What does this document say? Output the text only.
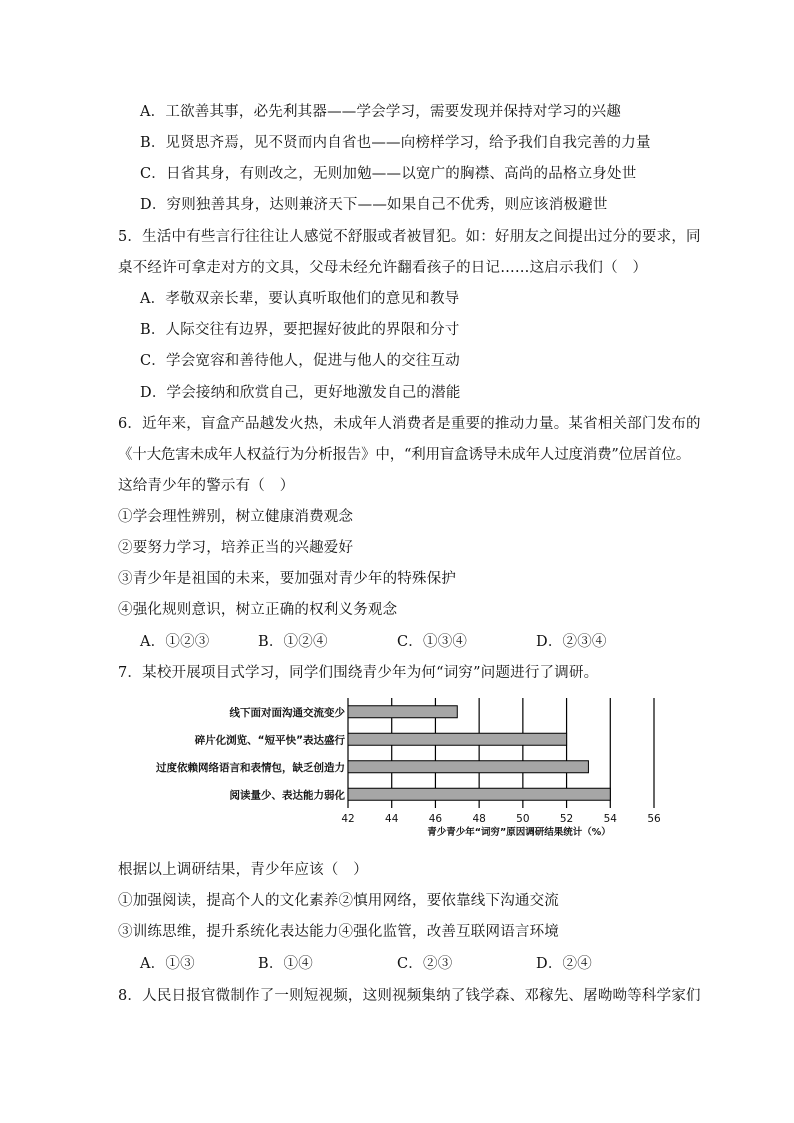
A．工欲善其事，必先利其器——学会学习，需要发现并保持对学习的兴趣
B．见贤思齐焉，见不贤而内自省也——向榜样学习，给予我们自我完善的力量
C．日省其身，有则改之，无则加勉——以宽广的胸襟、高尚的品格立身处世
D．穷则独善其身，达则兼济天下——如果自己不优秀，则应该消极避世
5．生活中有些言行往往让人感觉不舒服或者被冒犯。如：好朋友之间提出过分的要求，同
桌不经许可拿走对方的文具，父母未经允许翻看孩子的日记……这启示我们（　）
A．孝敬双亲长辈，要认真听取他们的意见和教导
B．人际交往有边界，要把握好彼此的界限和分寸
C．学会宽容和善待他人，促进与他人的交往互动
D．学会接纳和欣赏自己，更好地激发自己的潜能
6．近年来，盲盒产品越发火热，未成年人消费者是重要的推动力量。某省相关部门发布的
《十大危害未成年人权益行为分析报告》中，“利用盲盒诱导未成年人过度消费”位居首位。
这给青少年的警示有（　）
①学会理性辨别，树立健康消费观念
②要努力学习，培养正当的兴趣爱好
③青少年是祖国的未来，要加强对青少年的特殊保护
④强化规则意识，树立正确的权利义务观念
A．①②③	B．①②④	C．①③④	D．②③④
7．某校开展项目式学习，同学们围绕青少年为何“词穷”问题进行了调研。
线下面对面沟通交流变少
碎片化浏览、“短平快”表达盛行
过度依赖网络语言和表情包，缺乏创造力
阅读量少、表达能力弱化
42	44	46	48	50	52	54	56
青少青少年“词穷”原因调研结果统计（%）
根据以上调研结果，青少年应该（　）
①加强阅读，提高个人的文化素养②慎用网络，要依靠线下沟通交流
③训练思维，提升系统化表达能力④强化监管，改善互联网语言环境
A．①③	B．①④	C．②③	D．②④
8．人民日报官微制作了一则短视频，这则视频集纳了钱学森、邓稼先、屠呦呦等科学家们
